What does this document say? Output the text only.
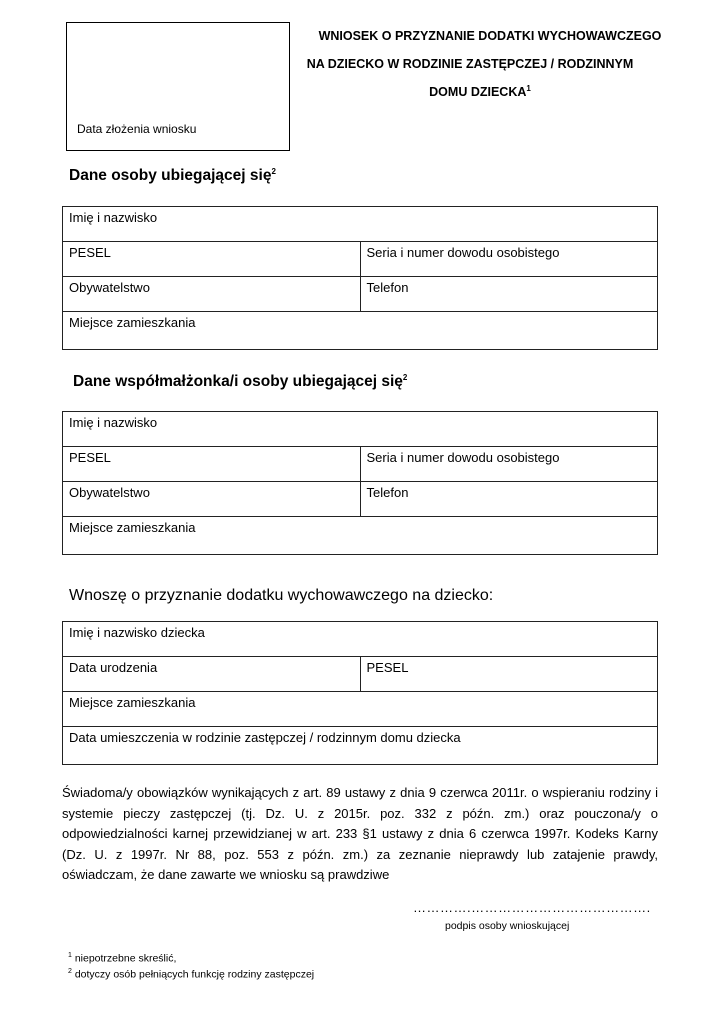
Data złożenia wniosku
WNIOSEK O PRZYZNANIE DODATKI WYCHOWAWCZEGO
NA DZIECKO W RODZINIE ZASTĘPCZEJ / RODZINNYM
DOMU DZIECKA$^1$
Dane osoby ubiegającej się$^2$
Imię i nazwisko	
PESEL	Seria i numer dowodu osobistego
Obywatelstwo	Telefon
Miejsce zamieszkania	
Dane współmałżonka/i osoby ubiegającej się$^2$
Imię i nazwisko	
PESEL	Seria i numer dowodu osobistego
Obywatelstwo	Telefon
Miejsce zamieszkania	
Wnoszę o przyznanie dodatku wychowawczego na dziecko:
Imię i nazwisko dziecka
Data urodzenia	PESEL
Miejsce zamieszkania
Data umieszczenia w rodzinie zastępczej / rodzinnym domu dziecka
Świadoma/y obowiązków wynikających z art. 89 ustawy z dnia 9 czerwca 2011r. o wspieraniu rodziny i systemie pieczy zastępczej (tj. Dz. U. z 2015r. poz. 332 z późn. zm.) oraz pouczona/y o odpowiedzialności karnej przewidzianej w art. 233 §1 ustawy z dnia 6 czerwca 1997r. Kodeks Karny (Dz. U. z 1997r. Nr 88, poz. 553 z późn. zm.) za zeznanie nieprawdy lub zatajenie prawdy, oświadczam, że dane zawarte we wniosku są prawdziwe
………….………………………………….
podpis osoby wnioskującej
$^1$ niepotrzebne skreślić,
$^2$ dotyczy osób pełniących funkcję rodziny zastępczej
